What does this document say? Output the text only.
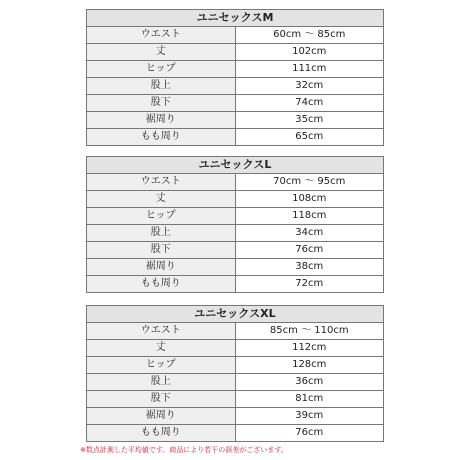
ユニセックスM	
ウエスト	60cm 〜 85cm
丈	102cm
ヒップ	111cm
股上	32cm
股下	74cm
裾周り	35cm
もも周り	65cm
ユニセックスL	
ウエスト	70cm 〜 95cm
丈	108cm
ヒップ	118cm
股上	34cm
股下	76cm
裾周り	38cm
もも周り	72cm
ユニセックスXL	
ウエスト	85cm 〜 110cm
丈	112cm
ヒップ	128cm
股上	36cm
股下	81cm
裾周り	39cm
もも周り	76cm
※数点計測した平均値です。商品により若干の誤差がございます。
